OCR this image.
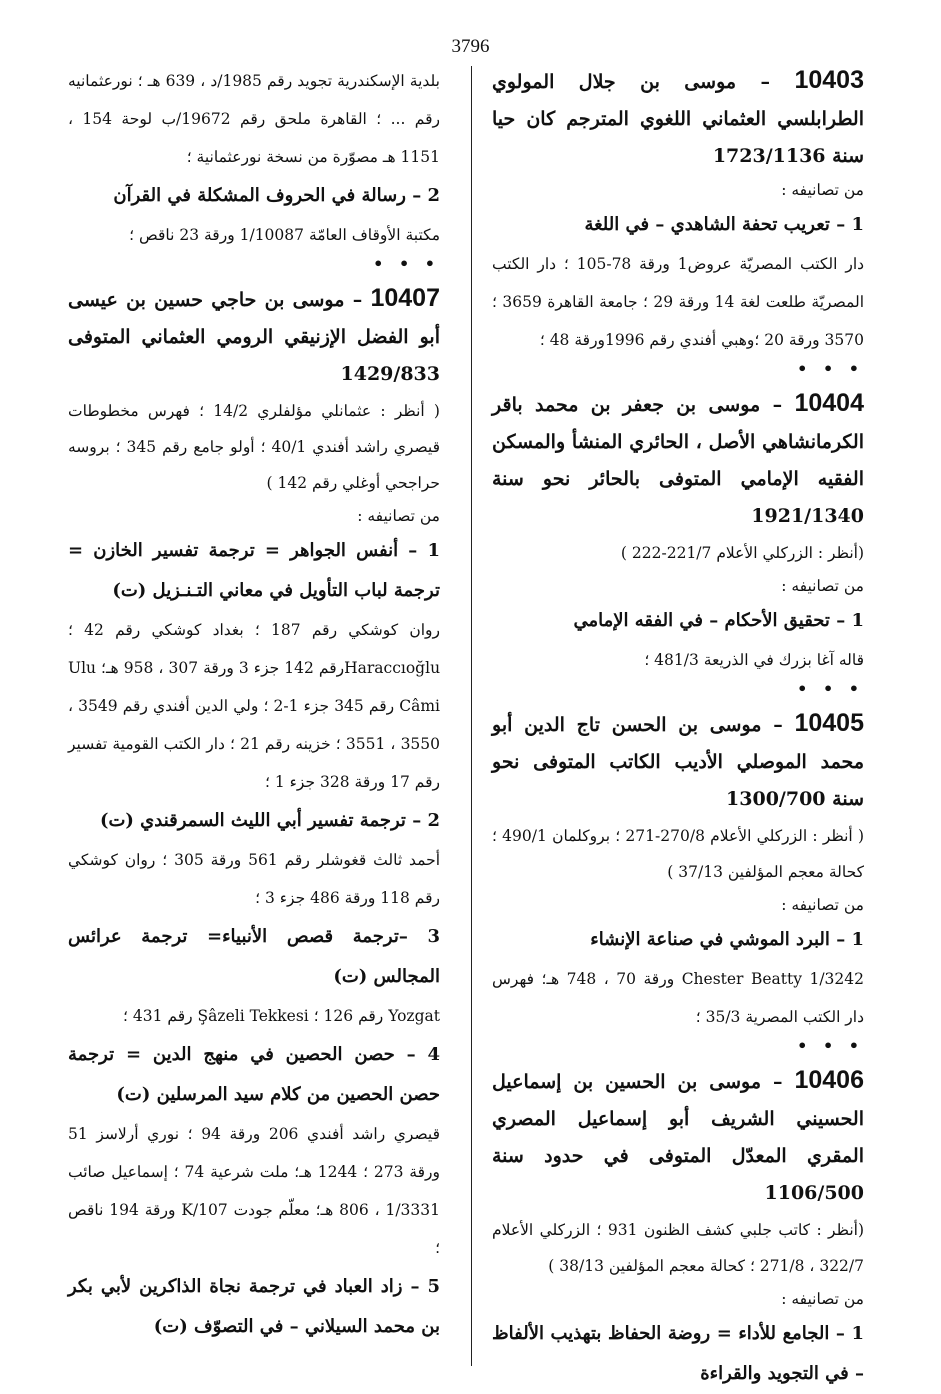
3796

10403 – موسى بن جلال المولوي الطرابلسي العثماني اللغوي المترجم كان حيا سنة 1723/1136

من تصانيفه :

1 – تعريب تحفة الشاهدي – في اللغة

دار الكتب المصريّة عروض1 ورقة 78-105 ؛ دار الكتب المصريّة طلعت لغة 14 ورقة 29 ؛ جامعة القاهرة 3659 ؛ 3570 ورقة 20 ؛وهبي أفندي رقم 1996ورقة 48 ؛

• • •

10404 – موسى بن جعفر بن محمد باقر الكرمانشاهي الأصل ، الحائري المنشأ والمسكن الفقيه الإمامي المتوفى بالحائر نحو سنة 1921/1340

(أنظر : الزركلي الأعلام 221/7-222 )

من تصانيفه :

1 – تحقيق الأحكام – في الفقه الإمامي

قاله آغا بزرك في الذريعة 481/3 ؛

• • •

10405 – موسى بن الحسن تاج الدين أبو محمد الموصلي الأديب الكاتب المتوفى نحو سنة 1300/700

( أنظر : الزركلي الأعلام 270/8-271 ؛ بروكلمان 490/1 ؛ كحالة معجم المؤلفين 37/13 )

من تصانيفه :

1 – البرد الموشي في صناعة الإنشاء

Chester Beatty 1/3242 ورقة 70 ، 748 هـ؛ فهرس دار الكتب المصرية 35/3 ؛

• • •

10406 – موسى بن الحسين بن إسماعيل الحسيني الشريف أبو إسماعيل المصري المقري المعدّل المتوفى في حدود سنة 1106/500

(أنظر : كاتب جلبي كشف الظنون 931 ؛ الزركلي الأعلام 322/7 ، 271/8 ؛ كحالة معجم المؤلفين 38/13 )

من تصانيفه :

1 – الجامع للأداء = روضة الحفاظ بتهذيب الألفاظ – في التجويد والقراءة

بلدية الإسكندرية تجويد رقم 1985/د ، 639 هـ ؛ نورعثمانيه رقم ... ؛ القاهرة ملحق رقم 19672/ب لوحة 154 ، 1151 هـ مصوّرة من نسخة نورعثمانية ؛

2 – رسالة في الحروف المشكلة في القرآن

مكتبة الأوقاف العامّة 1/10087 ورقة 23 ناقص ؛

• • •

10407 – موسى بن حاجي حسين بن عيسى أبو الفضل الإزنيقي الرومي العثماني المتوفى 1429/833

( أنظر : عثمانلي مؤلفلري 14/2 ؛ فهرس مخطوطات قيصري راشد أفندي 40/1 ؛ أولو جامع رقم 345 ؛ بروسه حراجحي أوغلي رقم 142 )

من تصانيفه :

1 – أنفس الجواهر = ترجمة تفسير الخازن = ترجمة لباب التأويل في معاني التـنـزيل (ت)

روان كوشكي رقم 187 ؛ بغداد كوشكي رقم 42 ؛ Haraccıoğluرقم 142 جزء 3 ورقة 307 ، 958 هـ؛ Ulu Câmi رقم 345 جزء 1-2 ؛ ولي الدين أفندي رقم 3549 ، 3550 ، 3551 ؛ خزينه رقم 21 ؛ دار الكتب القومية تفسير رقم 17 ورقة 328 جزء 1 ؛

2 – ترجمة تفسير أبي الليث السمرقندي (ت)

أحمد ثالث قغوشلر رقم 561 ورقة 305 ؛ روان كوشكي رقم 118 ورقة 486 جزء 3 ؛

3 –ترجمة قصص الأنبياء= ترجمة عرائس المجالس (ت)

Yozgat رقم 126 ؛ Şâzeli Tekkesi رقم 431 ؛

4 – حصن الحصين في منهج الدين = ترجمة حصن الحصين من كلام سيد المرسلين (ت)

قيصري راشد أفندي 206 ورقة 94 ؛ نوري أرلاسز 51 ورقة 273 ؛ 1244 هـ؛ ملت شرعية 74 ؛ إسماعيل صائب 1/3331 ، 806 هـ؛ معلّم جودت 107/K ورقة 194 ناقص ؛

5 – زاد العباد في ترجمة نجاة الذاكرين لأبي بكر بن محمد السيلاني – في التصوّف (ت)
